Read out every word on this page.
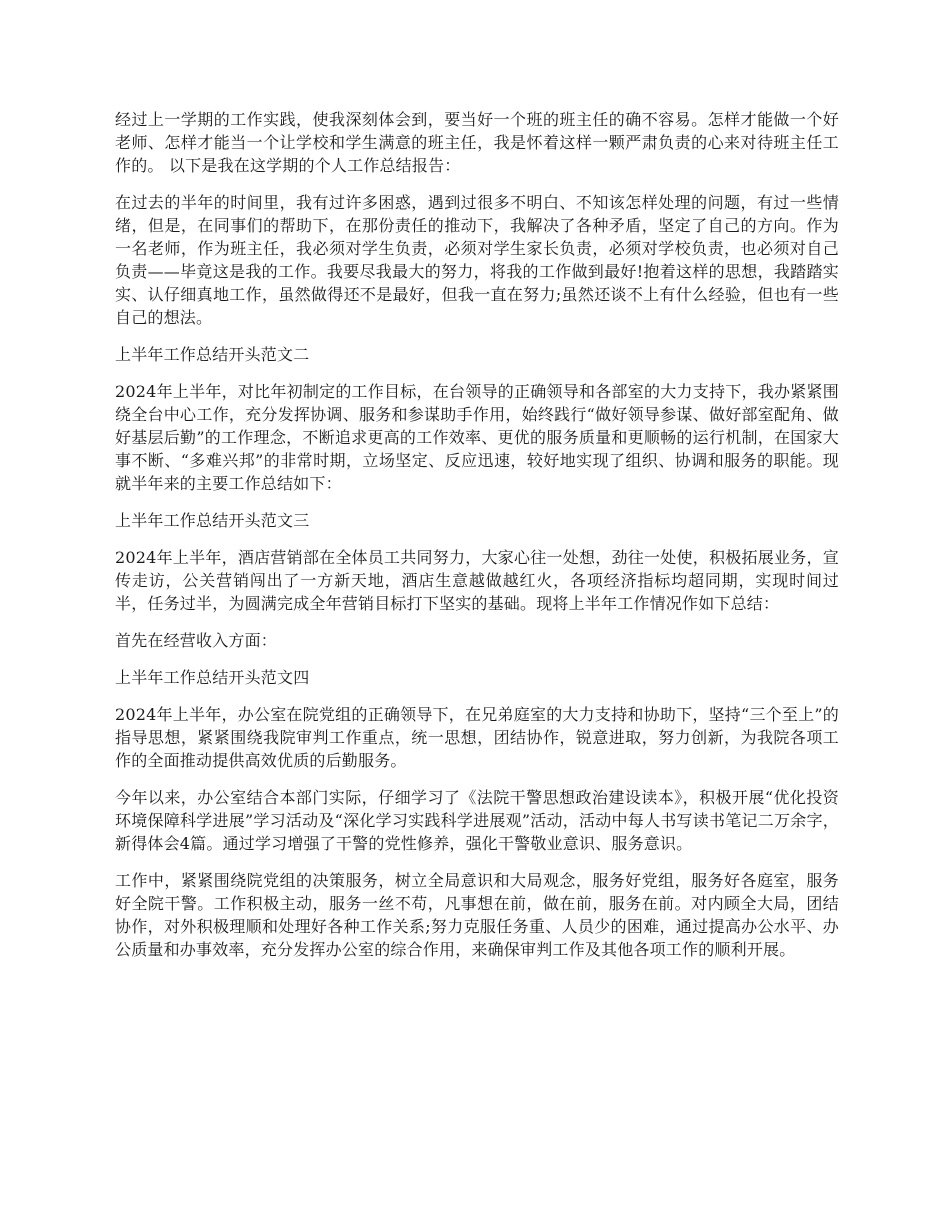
经过上一学期的工作实践，使我深刻体会到，要当好一个班的班主任的确不容易。怎样才能做一个好老师、怎样才能当一个让学校和学生满意的班主任，我是怀着这样一颗严肃负责的心来对待班主任工作的。 以下是我在这学期的个人工作总结报告：

在过去的半年的时间里，我有过许多困惑，遇到过很多不明白、不知该怎样处理的问题，有过一些情绪，但是，在同事们的帮助下，在那份责任的推动下，我解决了各种矛盾，坚定了自己的方向。作为一名老师，作为班主任，我必须对学生负责，必须对学生家长负责，必须对学校负责，也必须对自己负责——毕竟这是我的工作。我要尽我最大的努力，将我的工作做到最好!抱着这样的思想，我踏踏实实、认仔细真地工作，虽然做得还不是最好，但我一直在努力;虽然还谈不上有什么经验，但也有一些自己的想法。

上半年工作总结开头范文二

2024年上半年，对比年初制定的工作目标，在台领导的正确领导和各部室的大力支持下，我办紧紧围绕全台中心工作，充分发挥协调、服务和参谋助手作用，始终践行“做好领导参谋、做好部室配角、做好基层后勤”的工作理念，不断追求更高的工作效率、更优的服务质量和更顺畅的运行机制，在国家大事不断、“多难兴邦”的非常时期，立场坚定、反应迅速，较好地实现了组织、协调和服务的职能。现就半年来的主要工作总结如下：

上半年工作总结开头范文三

2024年上半年，酒店营销部在全体员工共同努力，大家心往一处想，劲往一处使，积极拓展业务，宣传走访，公关营销闯出了一方新天地，酒店生意越做越红火，各项经济指标均超同期，实现时间过半，任务过半，为圆满完成全年营销目标打下坚实的基础。现将上半年工作情况作如下总结：

首先在经营收入方面：

上半年工作总结开头范文四

2024年上半年，办公室在院党组的正确领导下，在兄弟庭室的大力支持和协助下，坚持“三个至上”的指导思想，紧紧围绕我院审判工作重点，统一思想，团结协作，锐意进取，努力创新，为我院各项工作的全面推动提供高效优质的后勤服务。

今年以来，办公室结合本部门实际，仔细学习了《法院干警思想政治建设读本》，积极开展“优化投资环境保障科学进展”学习活动及“深化学习实践科学进展观”活动，活动中每人书写读书笔记二万余字，新得体会4篇。通过学习增强了干警的党性修养，强化干警敬业意识、服务意识。

工作中，紧紧围绕院党组的决策服务，树立全局意识和大局观念，服务好党组，服务好各庭室，服务好全院干警。工作积极主动，服务一丝不苟，凡事想在前，做在前，服务在前。对内顾全大局，团结协作，对外积极理顺和处理好各种工作关系;努力克服任务重、人员少的困难，通过提高办公水平、办公质量和办事效率，充分发挥办公室的综合作用，来确保审判工作及其他各项工作的顺利开展。
